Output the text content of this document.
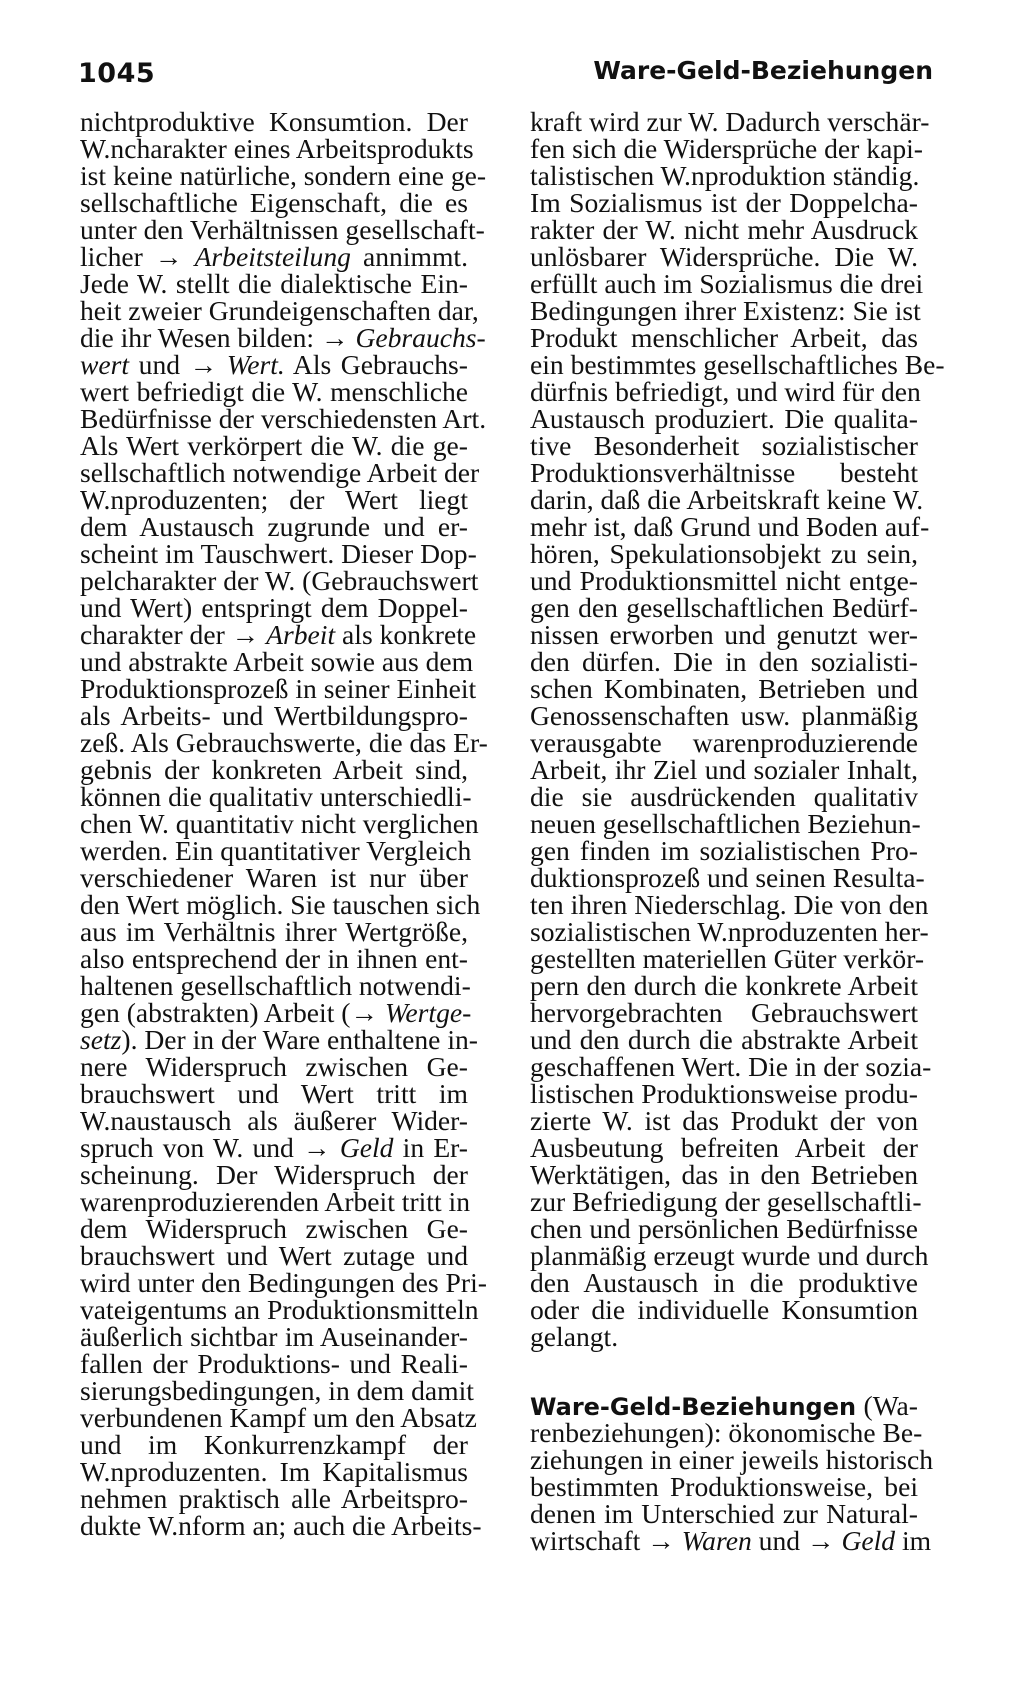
1045	Ware-Geld-Beziehungen
nichtproduktive Konsumtion. Der
W.ncharakter eines Arbeitsprodukts
ist keine natürliche, sondern eine ge-
sellschaftliche Eigenschaft, die es
unter den Verhältnissen gesellschaft-
licher → Arbeitsteilung annimmt.
Jede W. stellt die dialektische Ein-
heit zweier Grundeigenschaften dar,
die ihr Wesen bilden: → Gebrauchs-
wert und → Wert. Als Gebrauchs-
wert befriedigt die W. menschliche
Bedürfnisse der verschiedensten Art.
Als Wert verkörpert die W. die ge-
sellschaftlich notwendige Arbeit der
W.nproduzenten; der Wert liegt
dem Austausch zugrunde und er-
scheint im Tauschwert. Dieser Dop-
pelcharakter der W. (Gebrauchswert
und Wert) entspringt dem Doppel-
charakter der → Arbeit als konkrete
und abstrakte Arbeit sowie aus dem
Produktionsprozeß in seiner Einheit
als Arbeits- und Wertbildungspro-
zeß. Als Gebrauchswerte, die das Er-
gebnis der konkreten Arbeit sind,
können die qualitativ unterschiedli-
chen W. quantitativ nicht verglichen
werden. Ein quantitativer Vergleich
verschiedener Waren ist nur über
den Wert möglich. Sie tauschen sich
aus im Verhältnis ihrer Wertgröße,
also entsprechend der in ihnen ent-
haltenen gesellschaftlich notwendi-
gen (abstrakten) Arbeit (→ Wertge-
setz). Der in der Ware enthaltene in-
nere Widerspruch zwischen Ge-
brauchswert und Wert tritt im
W.naustausch als äußerer Wider-
spruch von W. und → Geld in Er-
scheinung. Der Widerspruch der
warenproduzierenden Arbeit tritt in
dem Widerspruch zwischen Ge-
brauchswert und Wert zutage und
wird unter den Bedingungen des Pri-
vateigentums an Produktionsmitteln
äußerlich sichtbar im Auseinander-
fallen der Produktions- und Reali-
sierungsbedingungen, in dem damit
verbundenen Kampf um den Absatz
und im Konkurrenzkampf der
W.nproduzenten. Im Kapitalismus
nehmen praktisch alle Arbeitspro-
dukte W.nform an; auch die Arbeits-
kraft wird zur W. Dadurch verschär-
fen sich die Widersprüche der kapi-
talistischen W.nproduktion ständig.
Im Sozialismus ist der Doppelcha-
rakter der W. nicht mehr Ausdruck
unlösbarer Widersprüche. Die W.
erfüllt auch im Sozialismus die drei
Bedingungen ihrer Existenz: Sie ist
Produkt menschlicher Arbeit, das
ein bestimmtes gesellschaftliches Be-
dürfnis befriedigt, und wird für den
Austausch produziert. Die qualita-
tive Besonderheit sozialistischer
Produktionsverhältnisse besteht
darin, daß die Arbeitskraft keine W.
mehr ist, daß Grund und Boden auf-
hören, Spekulationsobjekt zu sein,
und Produktionsmittel nicht entge-
gen den gesellschaftlichen Bedürf-
nissen erworben und genutzt wer-
den dürfen. Die in den sozialisti-
schen Kombinaten, Betrieben und
Genossenschaften usw. planmäßig
verausgabte warenproduzierende
Arbeit, ihr Ziel und sozialer Inhalt,
die sie ausdrückenden qualitativ
neuen gesellschaftlichen Beziehun-
gen finden im sozialistischen Pro-
duktionsprozeß und seinen Resulta-
ten ihren Niederschlag. Die von den
sozialistischen W.nproduzenten her-
gestellten materiellen Güter verkör-
pern den durch die konkrete Arbeit
hervorgebrachten Gebrauchswert
und den durch die abstrakte Arbeit
geschaffenen Wert. Die in der sozia-
listischen Produktionsweise produ-
zierte W. ist das Produkt der von
Ausbeutung befreiten Arbeit der
Werktätigen, das in den Betrieben
zur Befriedigung der gesellschaftli-
chen und persönlichen Bedürfnisse
planmäßig erzeugt wurde und durch
den Austausch in die produktive
oder die individuelle Konsumtion
gelangt.
Ware-Geld-Beziehungen (Wa-
renbeziehungen): ökonomische Be-
ziehungen in einer jeweils historisch
bestimmten Produktionsweise, bei
denen im Unterschied zur Natural-
wirtschaft → Waren und → Geld im
